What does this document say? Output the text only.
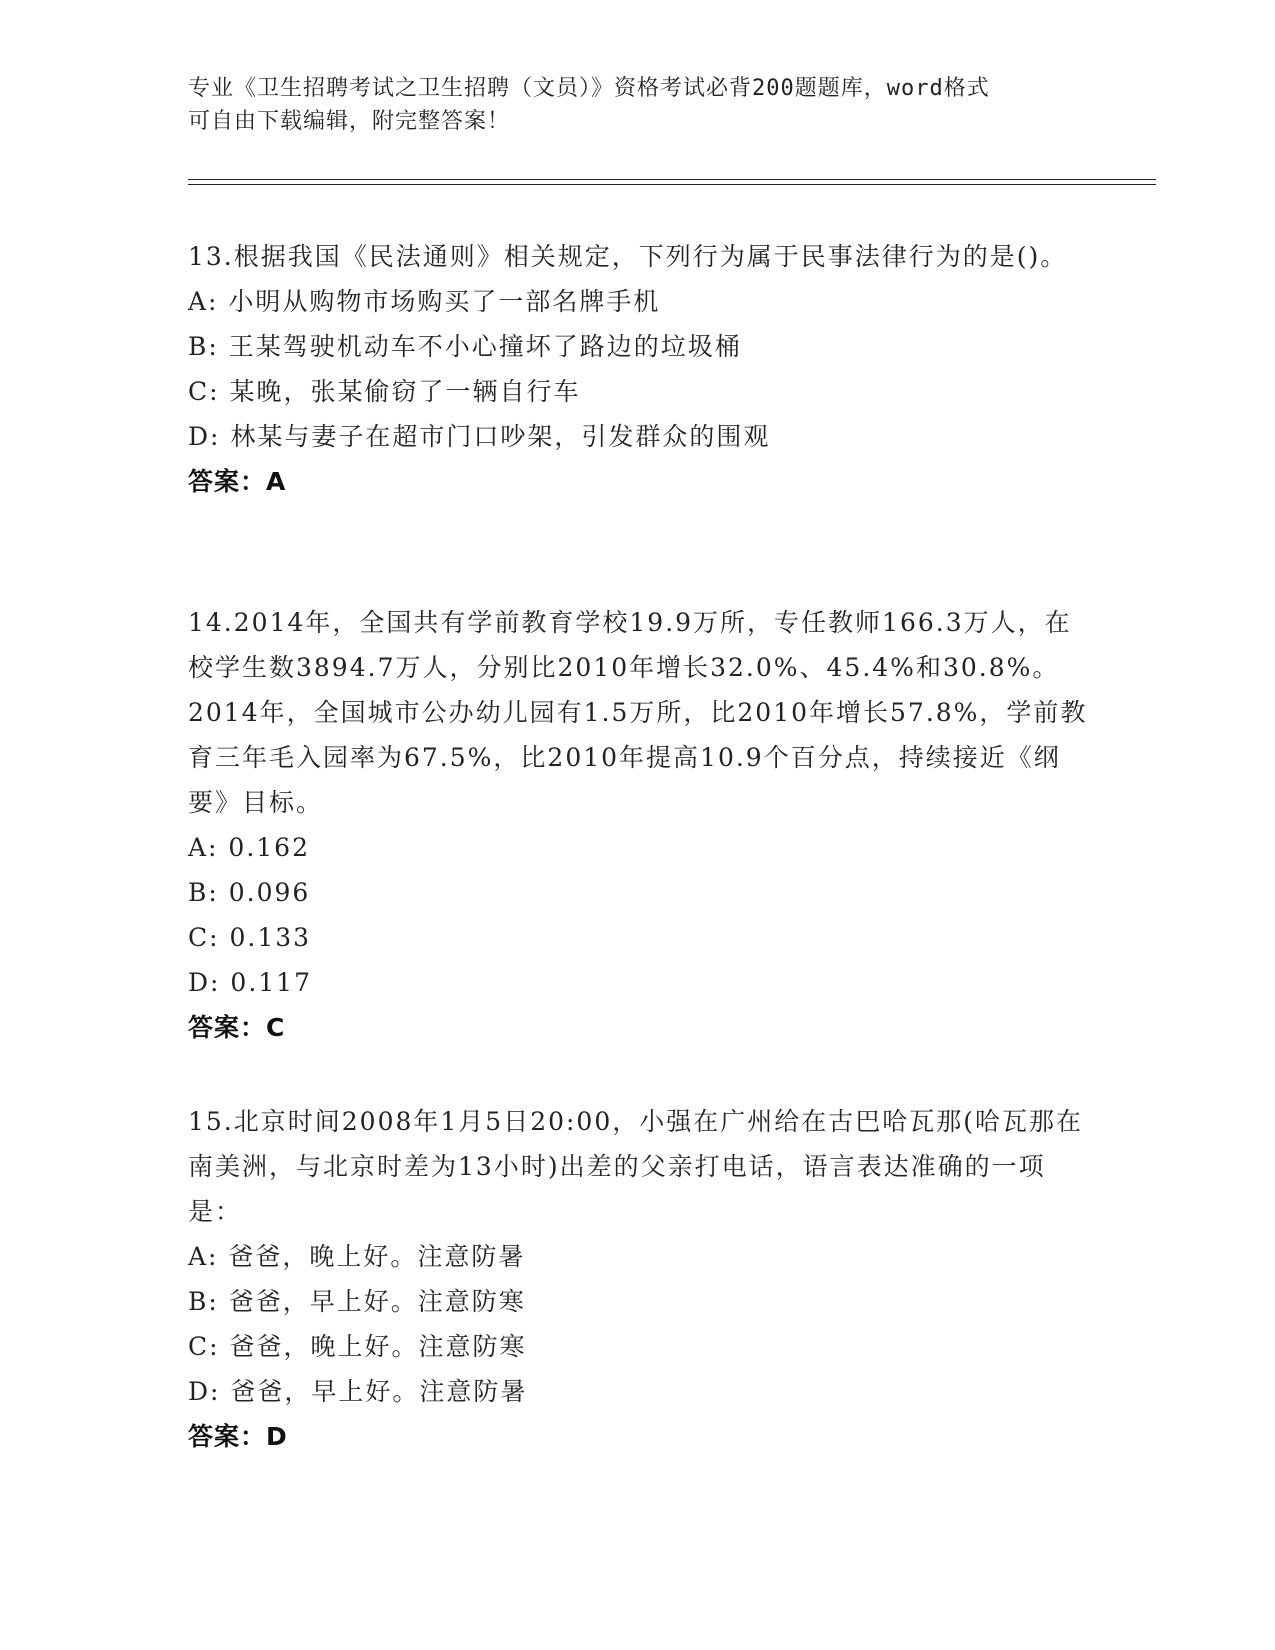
专业《卫生招聘考试之卫生招聘（文员）》资格考试必背200题题库，word格式
可自由下载编辑，附完整答案！
13.根据我国《民法通则》相关规定，下列行为属于民事法律行为的是()。
A: 小明从购物市场购买了一部名牌手机
B: 王某驾驶机动车不小心撞坏了路边的垃圾桶
C: 某晚，张某偷窃了一辆自行车
D: 林某与妻子在超市门口吵架，引发群众的围观
答案：A
14.2014年，全国共有学前教育学校19.9万所，专任教师166.3万人，在校学生数3894.7万人，分别比2010年增长32.0%、45.4%和30.8%。2014年，全国城市公办幼儿园有1.5万所，比2010年增长57.8%，学前教育三年毛入园率为67.5%，比2010年提高10.9个百分点，持续接近《纲要》目标。
A: 0.162
B: 0.096
C: 0.133
D: 0.117
答案：C
15.北京时间2008年1月5日20:00，小强在广州给在古巴哈瓦那(哈瓦那在南美洲，与北京时差为13小时)出差的父亲打电话，语言表达准确的一项是：
A: 爸爸，晚上好。注意防暑
B: 爸爸，早上好。注意防寒
C: 爸爸，晚上好。注意防寒
D: 爸爸，早上好。注意防暑
答案：D
